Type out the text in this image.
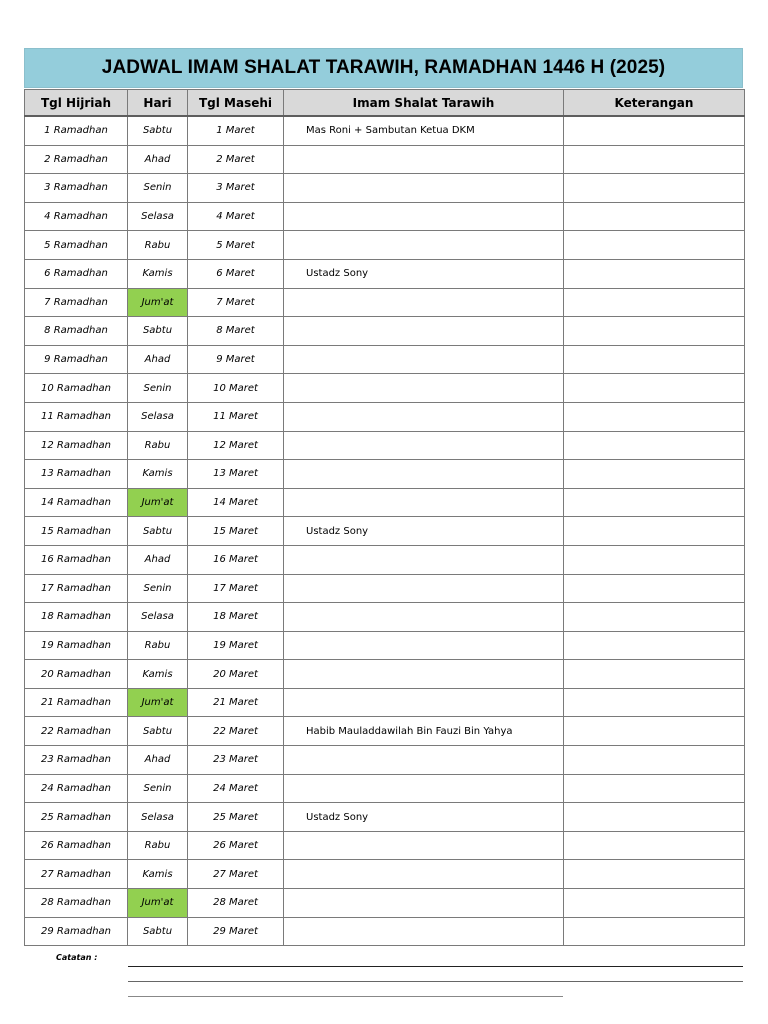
JADWAL IMAM SHALAT TARAWIH, RAMADHAN 1446 H (2025)
Tgl Hijriah	Hari	Tgl Masehi	Imam Shalat Tarawih	Keterangan
1 Ramadhan	Sabtu	1 Maret	Mas Roni + Sambutan Ketua DKM	
2 Ramadhan	Ahad	2 Maret		
3 Ramadhan	Senin	3 Maret		
4 Ramadhan	Selasa	4 Maret		
5 Ramadhan	Rabu	5 Maret		
6 Ramadhan	Kamis	6 Maret	Ustadz Sony	
7 Ramadhan	Jum'at	7 Maret		
8 Ramadhan	Sabtu	8 Maret		
9 Ramadhan	Ahad	9 Maret		
10 Ramadhan	Senin	10 Maret		
11 Ramadhan	Selasa	11 Maret		
12 Ramadhan	Rabu	12 Maret		
13 Ramadhan	Kamis	13 Maret		
14 Ramadhan	Jum'at	14 Maret		
15 Ramadhan	Sabtu	15 Maret	Ustadz Sony	
16 Ramadhan	Ahad	16 Maret		
17 Ramadhan	Senin	17 Maret		
18 Ramadhan	Selasa	18 Maret		
19 Ramadhan	Rabu	19 Maret		
20 Ramadhan	Kamis	20 Maret		
21 Ramadhan	Jum'at	21 Maret		
22 Ramadhan	Sabtu	22 Maret	Habib Mauladdawilah Bin Fauzi Bin Yahya	
23 Ramadhan	Ahad	23 Maret		
24 Ramadhan	Senin	24 Maret		
25 Ramadhan	Selasa	25 Maret	Ustadz Sony	
26 Ramadhan	Rabu	26 Maret		
27 Ramadhan	Kamis	27 Maret		
28 Ramadhan	Jum'at	28 Maret		
29 Ramadhan	Sabtu	29 Maret		
Catatan :
